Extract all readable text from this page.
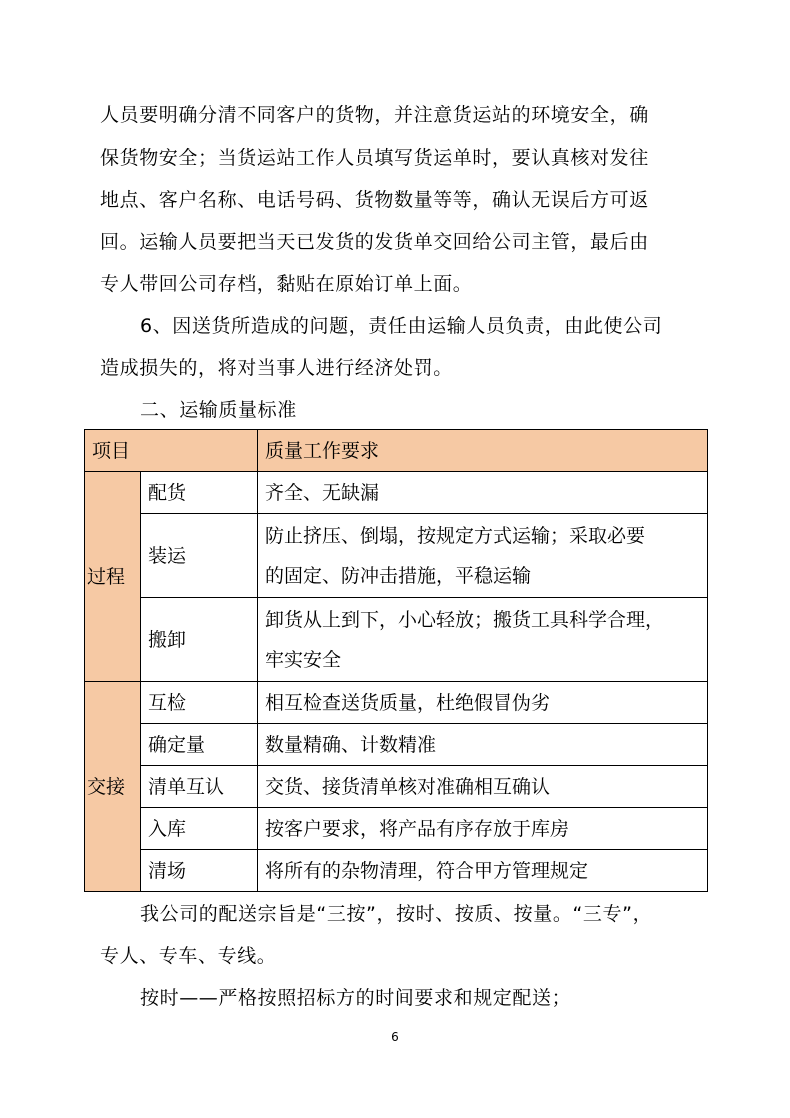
人员要明确分清不同客户的货物，并注意货运站的环境安全，确
保货物安全；当货运站工作人员填写货运单时，要认真核对发往
地点、客户名称、电话号码、货物数量等等，确认无误后方可返
回。运输人员要把当天已发货的发货单交回给公司主管，最后由
专人带回公司存档，黏贴在原始订单上面。
6、因送货所造成的问题，责任由运输人员负责，由此使公司
造成损失的，将对当事人进行经济处罚。
二、运输质量标准
项目		质量工作要求
过程	配货	齐全、无缺漏
	装运	防止挤压、倒塌，按规定方式运输；采取必要
的固定、防冲击措施，平稳运输

	搬卸	卸货从上到下，小心轻放；搬货工具科学合理，
牢实安全

交接	互检	相互检查送货质量，杜绝假冒伪劣
	确定量	数量精确、计数精准
	清单互认	交货、接货清单核对准确相互确认
	入库	按客户要求，将产品有序存放于库房
	清场	将所有的杂物清理，符合甲方管理规定
我公司的配送宗旨是“三按”，按时、按质、按量。“三专”，
专人、专车、专线。
按时——严格按照招标方的时间要求和规定配送；
6
